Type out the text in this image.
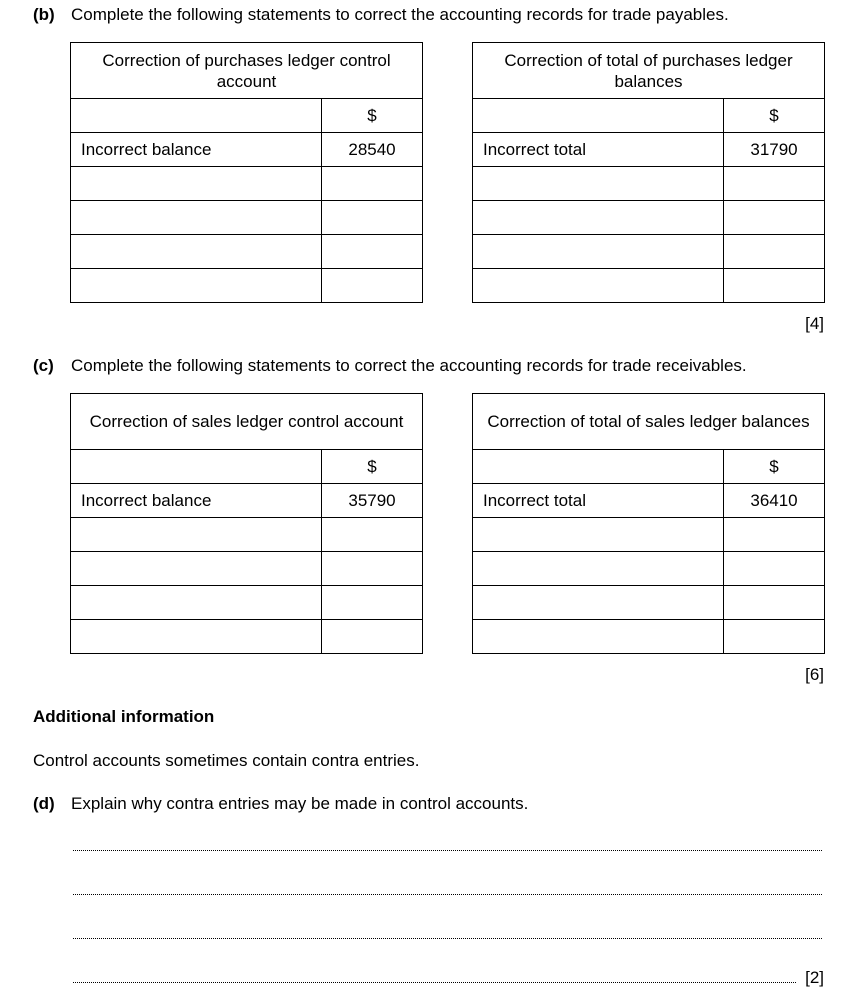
(b) Complete the following statements to correct the accounting records for trade payables.
Correction of purchases ledger control account	
	$
Incorrect balance	28540

Correction of total of purchases ledger balances	
	$
Incorrect total	31790

[4]
(c) Complete the following statements to correct the accounting records for trade receivables.
Correction of sales ledger control account	
	$
Incorrect balance	35790

Correction of total of sales ledger balances	
	$
Incorrect total	36410

[6]
Additional information
Control accounts sometimes contain contra entries.
(d) Explain why contra entries may be made in control accounts.
[2]
